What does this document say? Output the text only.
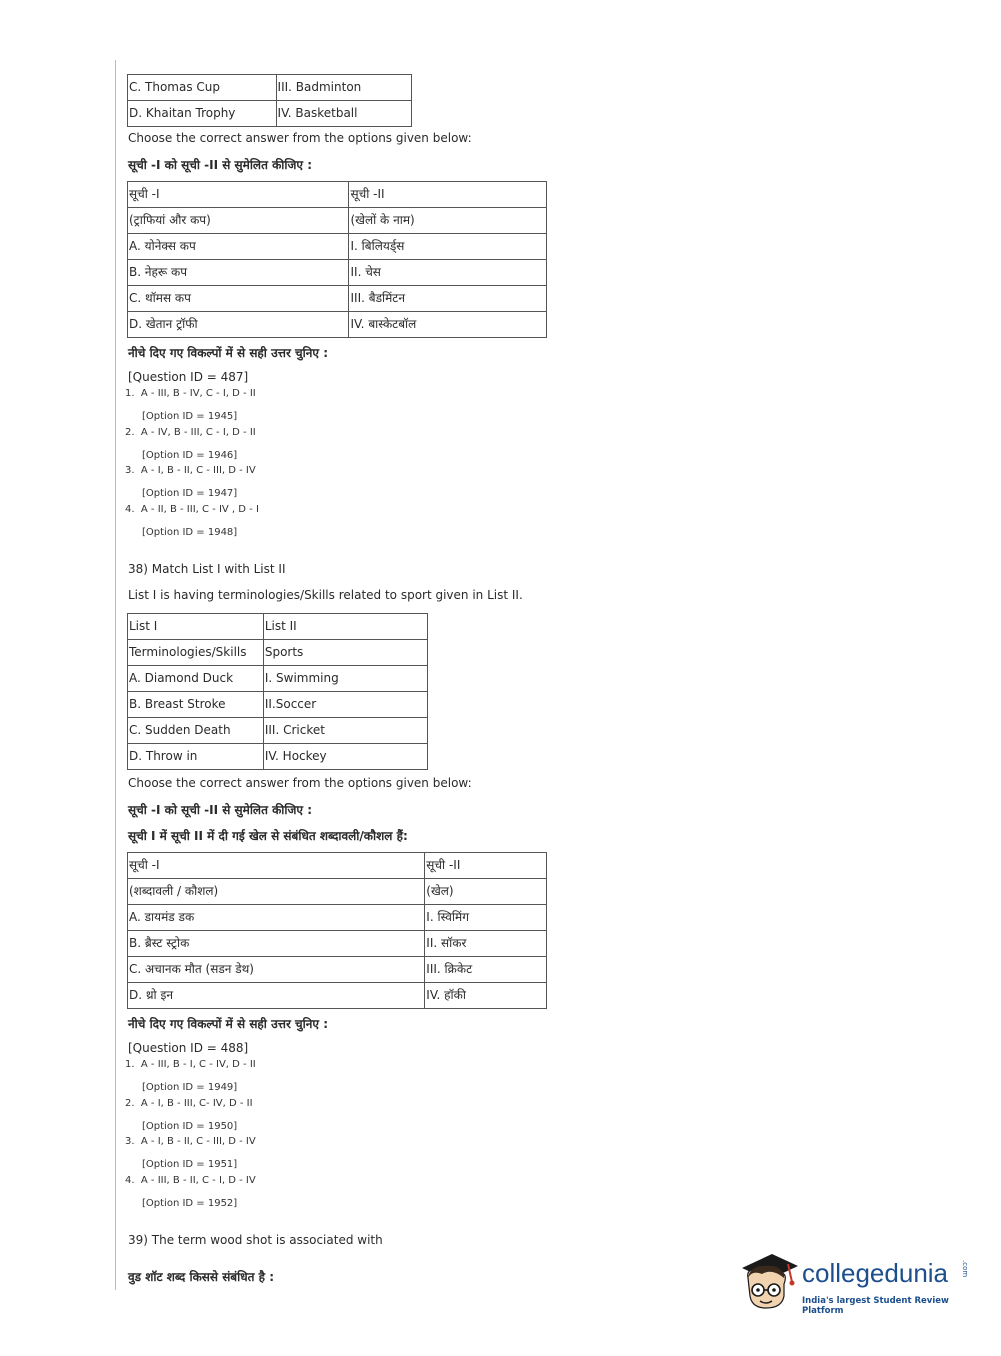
C. Thomas Cup	III. Badminton
D. Khaitan Trophy	IV. Basketball
Choose the correct answer from the options given below:
सूची -I को सूची -II से सुमेलित कीजिए :
सूची -I	सूची -II
(ट्राफियां और कप)	(खेलों के नाम)
A. योनेक्स कप	I. बिलियर्ड्स
B. नेहरू कप	II. चेस
C. थॉमस कप	III. बैडमिंटन
D. खेतान ट्रॉफी	IV. बास्केटबॉल
नीचे दिए गए विकल्पों में से सही उत्तर चुनिए :
[Question ID = 487]
1. A - III, B - IV, C - I, D - II
[Option ID = 1945]
2. A - IV, B - III, C - I, D - II
[Option ID = 1946]
3. A - I, B - II, C - III, D - IV
[Option ID = 1947]
4. A - II, B - III, C - IV , D - I
[Option ID = 1948]
38) Match List I with List II
List I is having terminologies/Skills related to sport given in List II.
List I	List II
Terminologies/Skills	Sports
A. Diamond Duck	I. Swimming
B. Breast Stroke	II.Soccer
C. Sudden Death	III. Cricket
D. Throw in	IV. Hockey
Choose the correct answer from the options given below:
सूची -I को सूची -II से सुमेलित कीजिए :
सूची I में सूची II में दी गई खेल से संबंधित शब्दावली/कौशल हैं:
सूची -I	सूची -II
(शब्दावली / कौशल)	(खेल)
A. डायमंड डक	I. स्विमिंग
B. ब्रैस्ट स्ट्रोक	II. सॉकर
C. अचानक मौत (सडन डेथ)	III. क्रिकेट
D. थ्रो इन	IV. हॉकी
नीचे दिए गए विकल्पों में से सही उत्तर चुनिए :
[Question ID = 488]
1. A - III, B - I, C - IV, D - II
[Option ID = 1949]
2. A - I, B - III, C- IV, D - II
[Option ID = 1950]
3. A - I, B - II, C - III, D - IV
[Option ID = 1951]
4. A - III, B - II, C - I, D - IV
[Option ID = 1952]
39) The term wood shot is associated with
वुड शॉट शब्द किससे संबंधित है :	collegedunia .com
India's largest Student Review Platform
